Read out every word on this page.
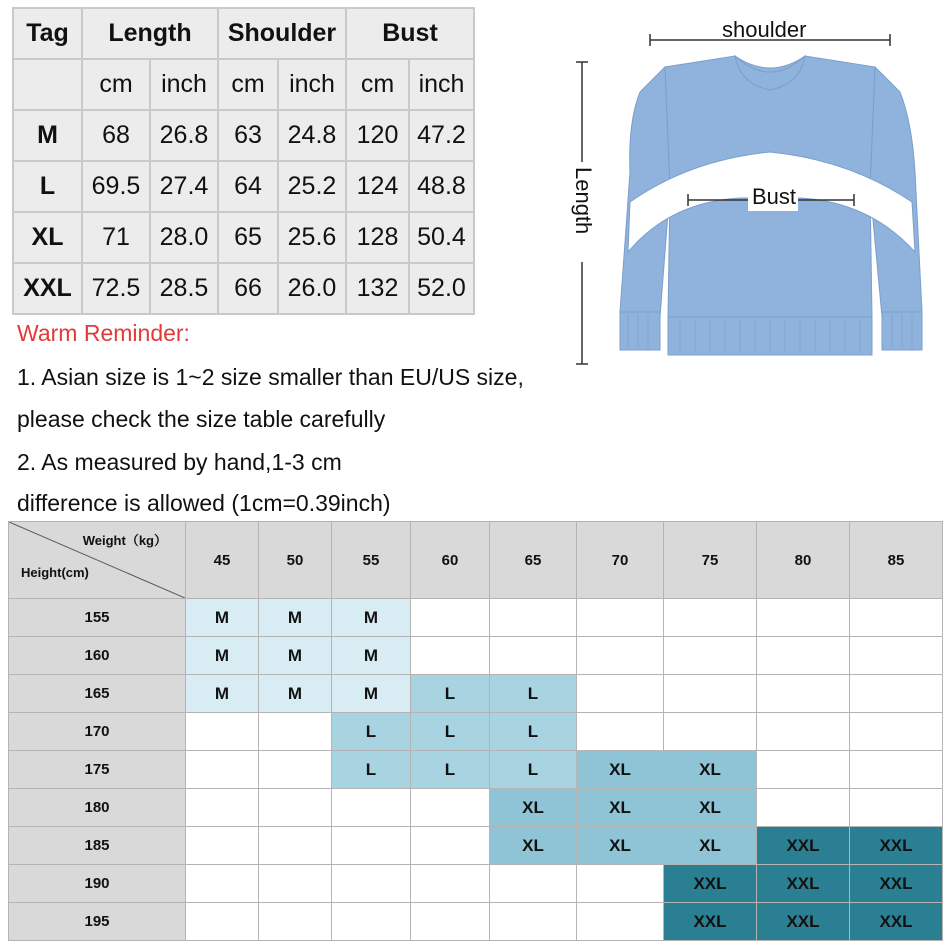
Tag	Length		Shoulder		Bust	
	cm	inch	cm	inch	cm	inch
M	68	26.8	63	24.8	120	47.2
L	69.5	27.4	64	25.2	124	48.8
XL	71	28.0	65	25.6	128	50.4
XXL	72.5	28.5	66	26.0	132	52.0
Warm Reminder:
1. Asian size is 1~2 size smaller than EU/US size,
please check the size table carefully
2. As measured by hand,1-3 cm
difference is allowed (1cm=0.39inch)
shoulder
Length	Bust
Weight（kg）
Height(cm)	45	50	55	60	65	70	75	80	85
155	M	M	M						
160	M	M	M						
165	M	M	M	L	L				
170			L	L	L				
175			L	L	L	XL	XL		
180					XL	XL	XL		
185					XL	XL	XL	XXL	XXL
190							XXL	XXL	XXL
195							XXL	XXL	XXL
